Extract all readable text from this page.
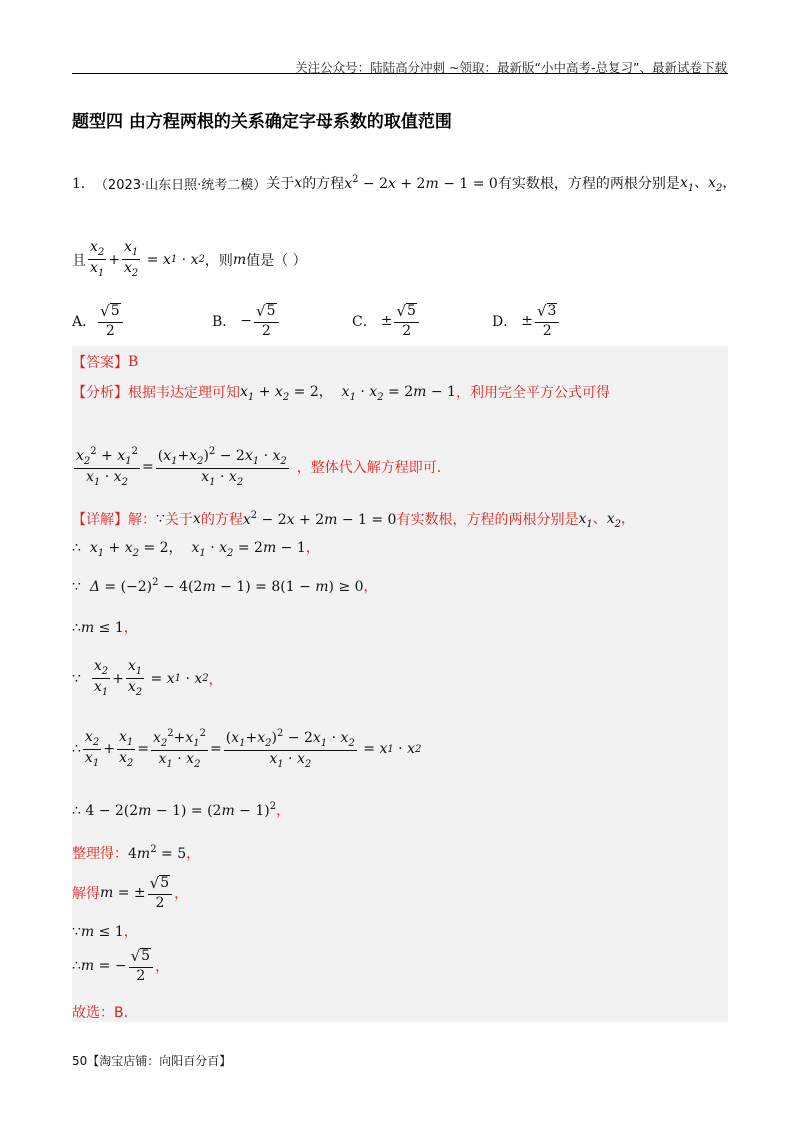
关注公众号：陆陆高分冲刺 ~领取：最新版“小中高考-总复习”、最新试卷下载
题型四 由方程两根的关系确定字母系数的取值范围
1． （2023·山东日照·统考二模） 关于 x 的方程 $x^2 - 2x + 2m - 1 = 0$ 有实数根，方程的两根分别是 $x_1$、$x_2$，
且 $\frac{x_2}{x_1} + \frac{x_1}{x_2} = x$ 1 · x 2 ，则 m 值是（ ）
A． $\frac{√ 5}{2}$	B． − $\frac{√ 5}{2}$	C． ± $\frac{√ 5}{2}$	D． ± $\frac{√ 3}{2}$
【答案】 B
【分析】 根据韦达定理可知 $x_1 + x_2 = 2$，  $x_1 \cdot x_2 = 2m - 1$ ，利用完全平方公式可得
$\frac{x_2^2 + x_1^2}{x_1 \cdot x_2} = \frac{(x_1+x_2)^2 - 2x_1 \cdot x_2}{x_1 \cdot x_2}$ ，整体代入解方程即可.
【详解】 解： ∵ 关于 x 的方程 $x^2 - 2x + 2m - 1 = 0$ 有实数根，方程的两根分别是 $x_1$、$x_2$，
∴  $x_1 + x_2 = 2$，  $x_1 \cdot x_2 = 2m - 1$，
∵  $\Delta = (-2)^2 - 4(2m - 1) = 8(1 - m) \ge 0$，
∴m ≤ 1，
∵ $\frac{x_2}{x_1} + \frac{x_1}{x_2} = x$ 1 · x 2 ，
∴ $\frac{x_2}{x_1} + \frac{x_1}{x_2} = \frac{x_2^2+x_1^2}{x_1 \cdot x_2} = \frac{(x_1+x_2)^2 - 2x_1 \cdot x_2}{x_1 \cdot x_2} = x$ 1 · x 2
∴ $4 - 2(2m - 1) = (2m - 1)^2$，
整理得： $4m^2 = 5$，
解得 m = ± $\frac{√ 5}{2}$ ，
∵m ≤ 1，
∴ m = − $\frac{√ 5}{2}$ ，
故选：B.
50【淘宝店铺：向阳百分百】
